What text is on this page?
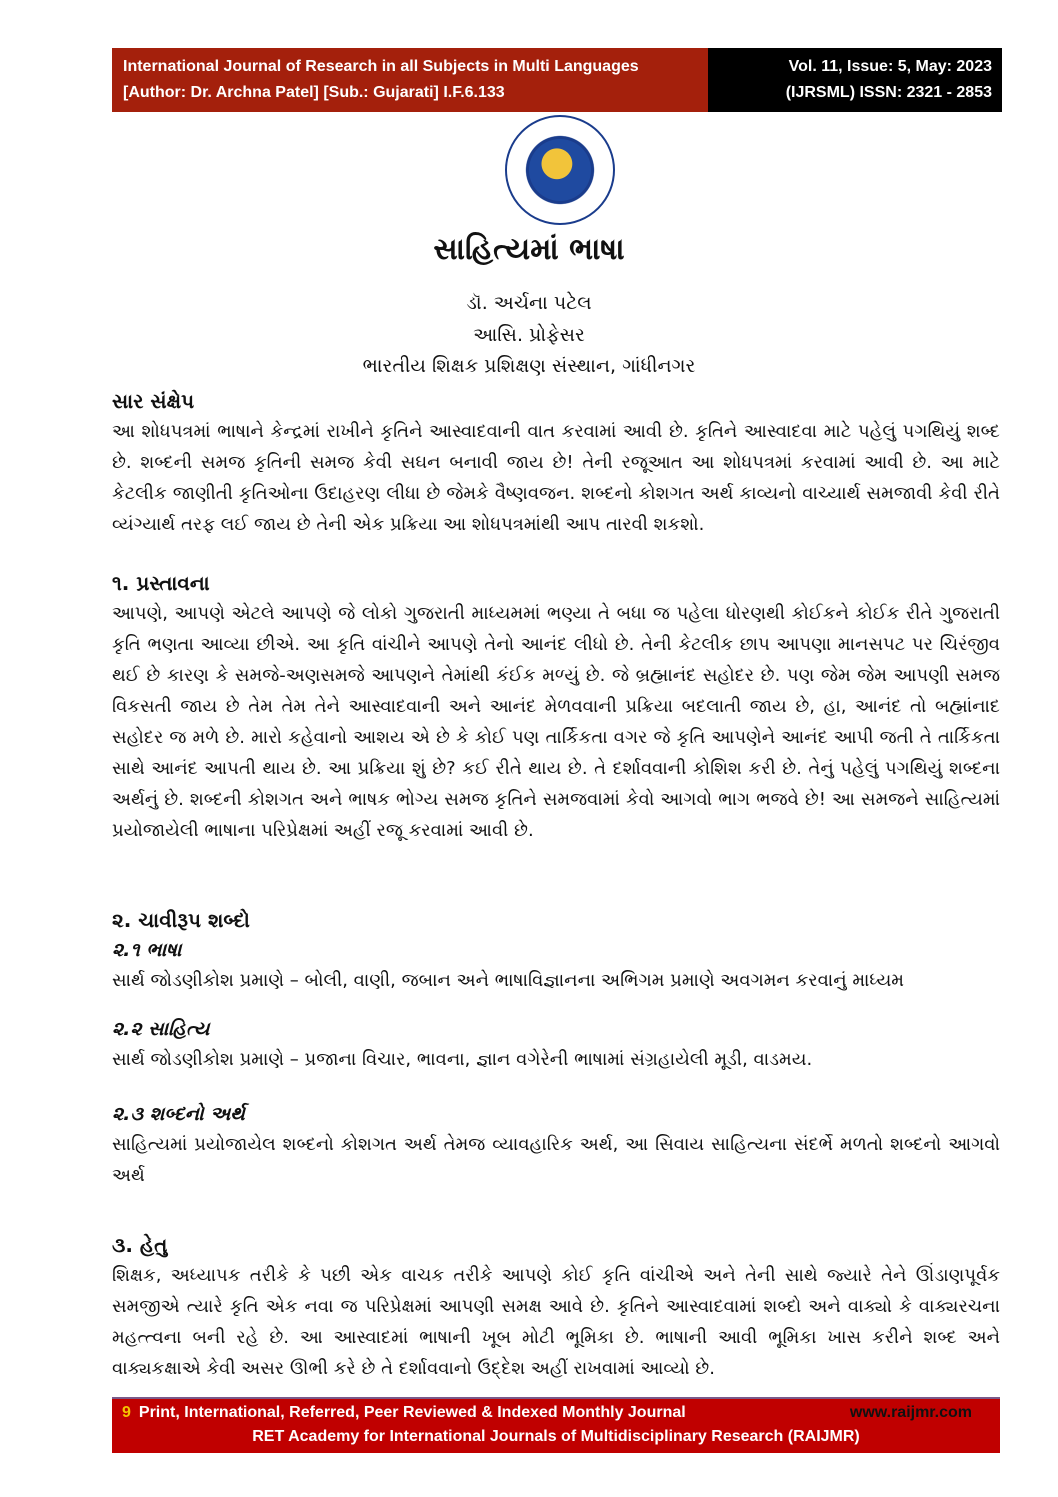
International Journal of Research in all Subjects in Multi Languages
[Author: Dr. Archna Patel] [Sub.: Gujarati] I.F.6.133
Vol. 11, Issue: 5, May: 2023
(IJRSML) ISSN: 2321 - 2853
સાહિત્યમાં ભાષા
ડૉ. અર્ચના પટેલ
આસિ. પ્રોફેસર
ભારતીય શિક્ષક પ્રશિક્ષણ સંસ્થાન, ગાંધીનગર
સાર સંક્ષેપ

આ શોધપત્રમાં ભાષાને કેન્દ્રમાં રાખીને કૃતિને આસ્વાદવાની વાત કરવામાં આવી છે. કૃતિને આસ્વાદવા માટે પહેલું પગથિયું શબ્દ છે. શબ્દની સમજ કૃતિની સમજ કેવી સઘન બનાવી જાય છે! તેની રજૂઆત આ શોધપત્રમાં કરવામાં આવી છે. આ માટે કેટલીક જાણીતી કૃતિઓના ઉદાહરણ લીધા છે જેમકે વૈષ્ણવજન. શબ્દનો કોશગત અર્થ કાવ્યનો વાચ્યાર્થ સમજાવી કેવી રીતે વ્યંગ્યાર્થ તરફ લઈ જાય છે તેની એક પ્રક્રિયા આ શોધપત્રમાંથી આપ તારવી શકશો.

૧. પ્રસ્તાવના

આપણે, આપણે એટલે આપણે જે લોકો ગુજરાતી માધ્યમમાં ભણ્યા તે બધા જ પહેલા ધોરણથી કોઈકને કોઈક રીતે ગુજરાતી કૃતિ ભણતા આવ્યા છીએ. આ કૃતિ વાંચીને આપણે તેનો આનંદ લીધો છે. તેની કેટલીક છાપ આપણા માનસપટ પર ચિરંજીવ થઈ છે કારણ કે સમજે-અણસમજે આપણને તેમાંથી કંઈક મળ્યું છે. જે બ્રહ્માનંદ સહોદર છે. પણ જેમ જેમ આપણી સમજ વિકસતી જાય છે તેમ તેમ તેને આસ્વાદવાની અને આનંદ મેળવવાની પ્રક્રિયા બદલાતી જાય છે, હા, આનંદ તો બહ્માંનાદ સહોદર જ મળે છે. મારો કહેવાનો આશય એ છે કે કોઈ પણ તાર્કિકતા વગર જે કૃતિ આપણેને આનંદ આપી જતી તે તાર્કિકતા સાથે આનંદ આપતી થાય છે. આ પ્રક્રિયા શું છે? કઈ રીતે થાય છે. તે દર્શાવવાની કોશિશ કરી છે. તેનું પહેલું પગથિયું શબ્દના અર્થનું છે. શબ્દની કોશગત અને ભાષક ભોગ્ય સમજ કૃતિને સમજવામાં કેવો આગવો ભાગ ભજવે છે! આ સમજને સાહિત્યમાં પ્રયોજાયેલી ભાષાના પરિપ્રેક્ષમાં અહીં રજૂ કરવામાં આવી છે.

૨. ચાવીરૂપ શબ્દો
૨.૧ ભાષા

સાર્થ જોડણીકોશ પ્રમાણે – બોલી, વાણી, જબાન અને ભાષાવિજ્ઞાનના અભિગમ પ્રમાણે અવગમન કરવાનું માધ્યમ

૨.૨ સાહિત્ય

સાર્થ જોડણીકોશ પ્રમાણે – પ્રજાના વિચાર, ભાવના, જ્ઞાન વગેરેની ભાષામાં સંગ્રહાયેલી મૂડી, વાડમય.

૨.૩ શબ્દનો અર્થ

સાહિત્યમાં પ્રયોજાયેલ શબ્દનો કોશગત અર્થ તેમજ વ્યાવહારિક અર્થ, આ સિવાય સાહિત્યના સંદર્ભે મળતો શબ્દનો આગવો અર્થ

૩. હેતુ

શિક્ષક, અધ્યાપક તરીકે કે પછી એક વાચક તરીકે આપણે કોઈ કૃતિ વાંચીએ અને તેની સાથે જ્યારે તેને ઊંડાણપૂર્વક સમજીએ ત્યારે કૃતિ એક નવા જ પરિપ્રેક્ષમાં આપણી સમક્ષ આવે છે. કૃતિને આસ્વાદવામાં શબ્દો અને વાક્યો કે વાક્યરચના મહત્ત્વના બની રહે છે. આ આસ્વાદમાં ભાષાની ખૂબ મોટી ભૂમિકા છે. ભાષાની આવી ભૂમિકા ખાસ કરીને શબ્દ અને વાક્યકક્ષાએ કેવી અસર ઊભી કરે છે તે દર્શાવવાનો ઉદ્દેશ અહીં રાખવામાં આવ્યો છે.

9 Print, International, Referred, Peer Reviewed & Indexed Monthly Journal	www.raijmr.com
RET Academy for International Journals of Multidisciplinary Research (RAIJMR)
